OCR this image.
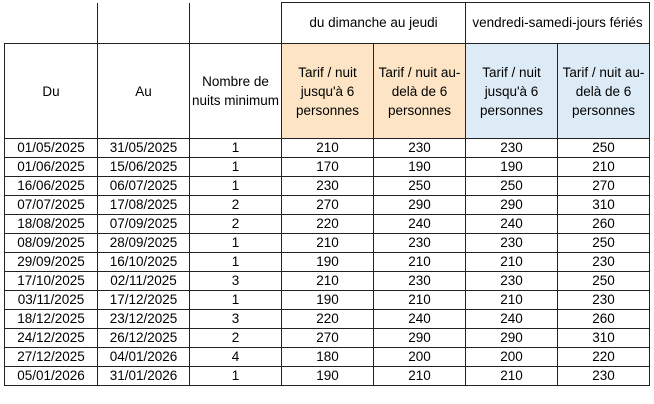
			du dimanche au jeudi		vendredi-samedi-jours fériés	
Du	Au	Nombre de nuits minimum	Tarif / nuit jusqu'à 6 personnes	Tarif / nuit au-delà de 6 personnes	Tarif / nuit jusqu'à 6 personnes	Tarif / nuit au-delà de 6 personnes
01/05/2025	31/05/2025	1	210	230	230	250
01/06/2025	15/06/2025	1	170	190	190	210
16/06/2025	06/07/2025	1	230	250	250	270
07/07/2025	17/08/2025	2	270	290	290	310
18/08/2025	07/09/2025	2	220	240	240	260
08/09/2025	28/09/2025	1	210	230	230	250
29/09/2025	16/10/2025	1	190	210	210	230
17/10/2025	02/11/2025	3	210	230	230	250
03/11/2025	17/12/2025	1	190	210	210	230
18/12/2025	23/12/2025	3	220	240	240	260
24/12/2025	26/12/2025	2	270	290	290	310
27/12/2025	04/01/2026	4	180	200	200	220
05/01/2026	31/01/2026	1	190	210	210	230
